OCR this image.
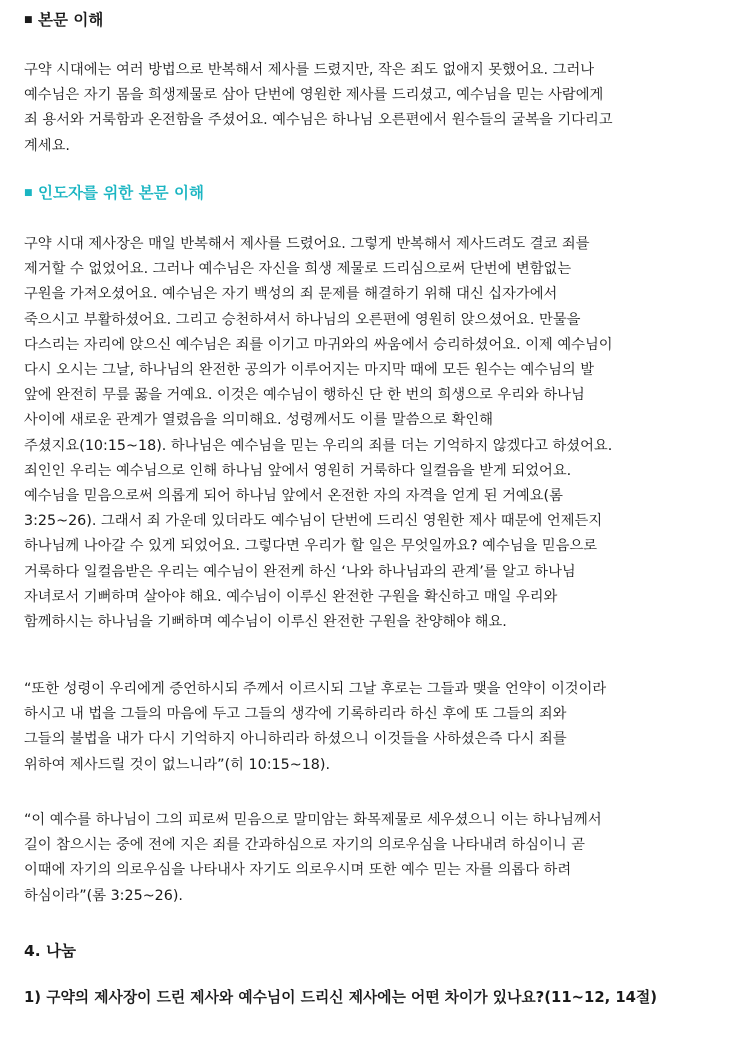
■ 본문 이해
구약 시대에는 여러 방법으로 반복해서 제사를 드렸지만, 작은 죄도 없애지 못했어요. 그러나
예수님은 자기 몸을 희생제물로 삼아 단번에 영원한 제사를 드리셨고, 예수님을 믿는 사람에게
죄 용서와 거룩함과 온전함을 주셨어요. 예수님은 하나님 오른편에서 원수들의 굴복을 기다리고
계세요.
■ 인도자를 위한 본문 이해
구약 시대 제사장은 매일 반복해서 제사를 드렸어요. 그렇게 반복해서 제사드려도 결코 죄를
제거할 수 없었어요. 그러나 예수님은 자신을 희생 제물로 드리심으로써 단번에 변함없는
구원을 가져오셨어요. 예수님은 자기 백성의 죄 문제를 해결하기 위해 대신 십자가에서
죽으시고 부활하셨어요. 그리고 승천하셔서 하나님의 오른편에 영원히 앉으셨어요. 만물을
다스리는 자리에 앉으신 예수님은 죄를 이기고 마귀와의 싸움에서 승리하셨어요. 이제 예수님이
다시 오시는 그날, 하나님의 완전한 공의가 이루어지는 마지막 때에 모든 원수는 예수님의 발
앞에 완전히 무릎 꿇을 거예요. 이것은 예수님이 행하신 단 한 번의 희생으로 우리와 하나님
사이에 새로운 관계가 열렸음을 의미해요. 성령께서도 이를 말씀으로 확인해
주셨지요(10:15~18). 하나님은 예수님을 믿는 우리의 죄를 더는 기억하지 않겠다고 하셨어요.
죄인인 우리는 예수님으로 인해 하나님 앞에서 영원히 거룩하다 일컬음을 받게 되었어요.
예수님을 믿음으로써 의롭게 되어 하나님 앞에서 온전한 자의 자격을 얻게 된 거예요(롬
3:25~26). 그래서 죄 가운데 있더라도 예수님이 단번에 드리신 영원한 제사 때문에 언제든지
하나님께 나아갈 수 있게 되었어요. 그렇다면 우리가 할 일은 무엇일까요? 예수님을 믿음으로
거룩하다 일컬음받은 우리는 예수님이 완전케 하신 ‘나와 하나님과의 관계’를 알고 하나님
자녀로서 기뻐하며 살아야 해요. 예수님이 이루신 완전한 구원을 확신하고 매일 우리와
함께하시는 하나님을 기뻐하며 예수님이 이루신 완전한 구원을 찬양해야 해요.
“또한 성령이 우리에게 증언하시되 주께서 이르시되 그날 후로는 그들과 맺을 언약이 이것이라
하시고 내 법을 그들의 마음에 두고 그들의 생각에 기록하리라 하신 후에 또 그들의 죄와
그들의 불법을 내가 다시 기억하지 아니하리라 하셨으니 이것들을 사하셨은즉 다시 죄를
위하여 제사드릴 것이 없느니라”(히 10:15~18).
“이 예수를 하나님이 그의 피로써 믿음으로 말미암는 화목제물로 세우셨으니 이는 하나님께서
길이 참으시는 중에 전에 지은 죄를 간과하심으로 자기의 의로우심을 나타내려 하심이니 곧
이때에 자기의 의로우심을 나타내사 자기도 의로우시며 또한 예수 믿는 자를 의롭다 하려
하심이라”(롬 3:25~26).
4. 나눔
1) 구약의 제사장이 드린 제사와 예수님이 드리신 제사에는 어떤 차이가 있나요?(11~12, 14절)
